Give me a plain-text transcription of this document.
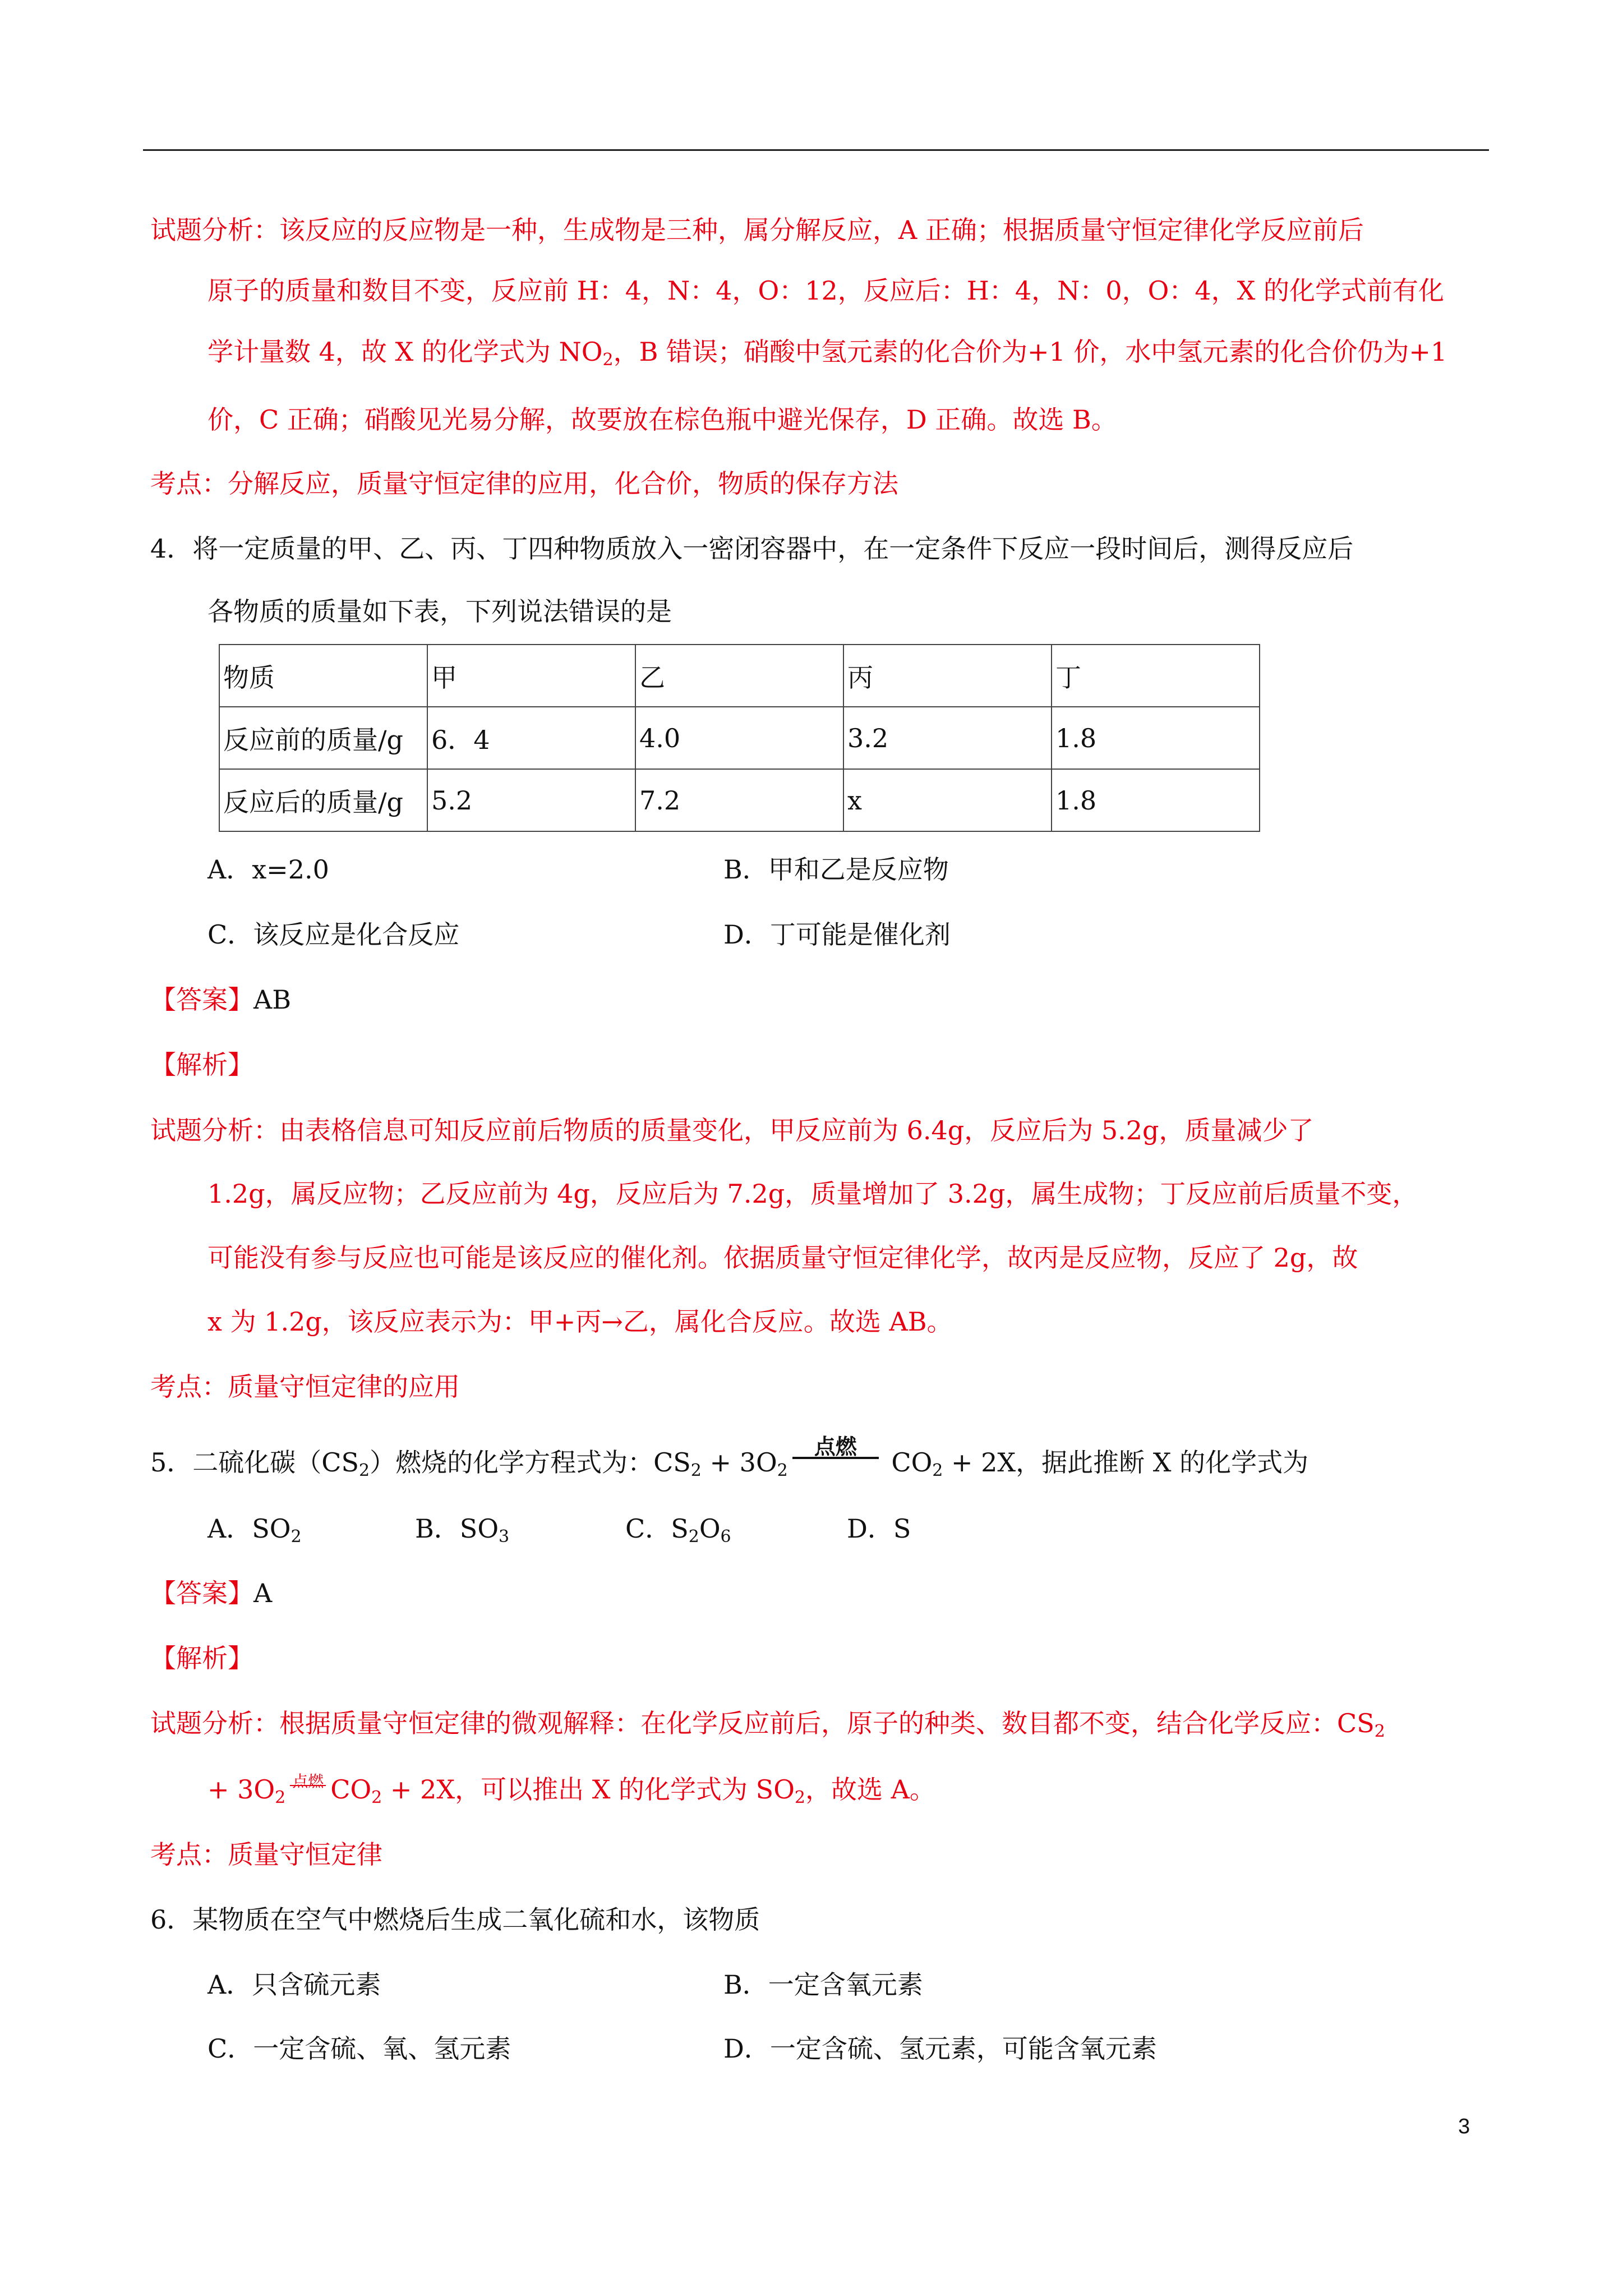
试题分析：该反应的反应物是一种，生成物是三种，属分解反应，A 正确；根据质量守恒定律化学反应前后
原子的质量和数目不变，反应前 H：4，N：4，O：12，反应后：H：4，N：0，O：4，X 的化学式前有化
学计量数 4，故 X 的化学式为 $NO_2$，B 错误；硝酸中氢元素的化合价为+1 价，水中氢元素的化合价仍为+1
价，C 正确；硝酸见光易分解，故要放在棕色瓶中避光保存，D 正确。故选 B。
考点：分解反应，质量守恒定律的应用，化合价，物质的保存方法
4．将一定质量的甲、乙、丙、丁四种物质放入一密闭容器中，在一定条件下反应一段时间后，测得反应后
各物质的质量如下表，下列说法错误的是
物质	甲	乙	丙	丁
反应前的质量/g	6．4	4.0	3.2	1.8
反应后的质量/g	5.2	7.2	x	1.8
A．x=2.0	B．甲和乙是反应物
C．该反应是化合反应	D．丁可能是催化剂
【答案】AB
【解析】
试题分析：由表格信息可知反应前后物质的质量变化，甲反应前为 6.4g，反应后为 5.2g，质量减少了
1.2g，属反应物；乙反应前为 4g，反应后为 7.2g，质量增加了 3.2g，属生成物；丁反应前后质量不变，
可能没有参与反应也可能是该反应的催化剂。依据质量守恒定律化学，故丙是反应物，反应了 2g，故
x 为 1.2g，该反应表示为：甲+丙→乙，属化合反应。故选 AB。
考点：质量守恒定律的应用
5．二硫化碳$(CS_2)$燃烧的化学方程式为：$CS_2 + 3O_2$
点燃
$CO_2 + 2X$，据此推断 X 的化学式为
A．$SO_2$	B．$SO_3$	C．$S_2O_6$	D．S
【答案】A
【解析】
试题分析：根据质量守恒定律的微观解释：在化学反应前后，原子的种类、数目都不变，结合化学反应：$CS_2$
+ $3O_2$
点燃 $CO_2 + 2X$，可以推出 X 的化学式为 $SO_2$，故选 A。
考点：质量守恒定律
6．某物质在空气中燃烧后生成二氧化硫和水，该物质
A．只含硫元素	B．一定含氧元素
C．一定含硫、氧、氢元素	D．一定含硫、氢元素，可能含氧元素
3
